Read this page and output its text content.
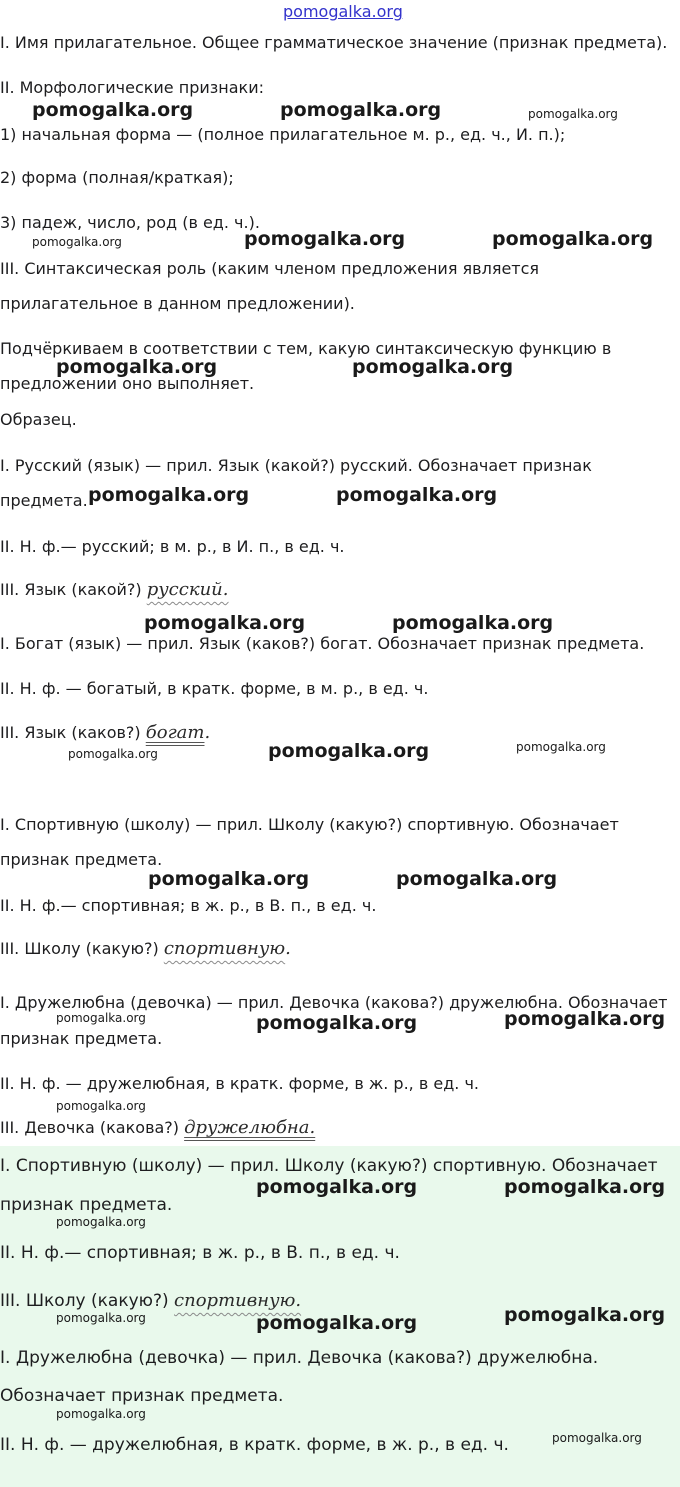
pomogalka.org

I. Имя прилагательное. Общее грамматическое значение (признак предмета).

II. Морфологические признаки:

1) начальная форма — (полное прилагательное м. р., ед. ч., И. п.);

2) форма (полная/краткая);

3) падеж, число, род (в ед. ч.).

III. Синтаксическая роль (каким членом предложения является

прилагательное в данном предложении).

Подчёркиваем в соответствии с тем, какую синтаксическую функцию в

предложении оно выполняет.

Образец.

I. Русский (язык) — прил. Язык (какой?) русский. Обозначает признак

предмета.

II. Н. ф.— русский; в м. р., в И. п., в ед. ч.

III. Язык (какой?) русский.

I. Богат (язык) — прил. Язык (каков?) богат. Обозначает признак предмета.

II. Н. ф. — богатый, в кратк. форме, в м. р., в ед. ч.

III. Язык (каков?) богат.

I. Спортивную (школу) — прил. Школу (какую?) спортивную. Обозначает

признак предмета.

II. Н. ф.— спортивная; в ж. р., в В. п., в ед. ч.

III. Школу (какую?) спортивную.

I. Дружелюбна (девочка) — прил. Девочка (какова?) дружелюбна. Обозначает

признак предмета.

II. Н. ф. — дружелюбная, в кратк. форме, в ж. р., в ед. ч.

III. Девочка (какова?) дружелюбна.

I. Спортивную (школу) — прил. Школу (какую?) спортивную. Обозначает

признак предмета.

II. Н. ф.— спортивная; в ж. р., в В. п., в ед. ч.

III. Школу (какую?) спортивную.

I. Дружелюбна (девочка) — прил. Девочка (какова?) дружелюбна.

Обозначает признак предмета.

II. Н. ф. — дружелюбная, в кратк. форме, в ж. р., в ед. ч.

pomogalka.org	pomogalka.org	pomogalka.org
pomogalka.org	pomogalka.org	pomogalka.org
pomogalka.org	pomogalka.org
pomogalka.org	pomogalka.org
pomogalka.org	pomogalka.org
pomogalka.org	pomogalka.org	pomogalka.org
pomogalka.org	pomogalka.org
pomogalka.org	pomogalka.org	pomogalka.org
pomogalka.org
pomogalka.org	pomogalka.org
pomogalka.org
pomogalka.org	pomogalka.org	pomogalka.org
pomogalka.org
pomogalka.org
